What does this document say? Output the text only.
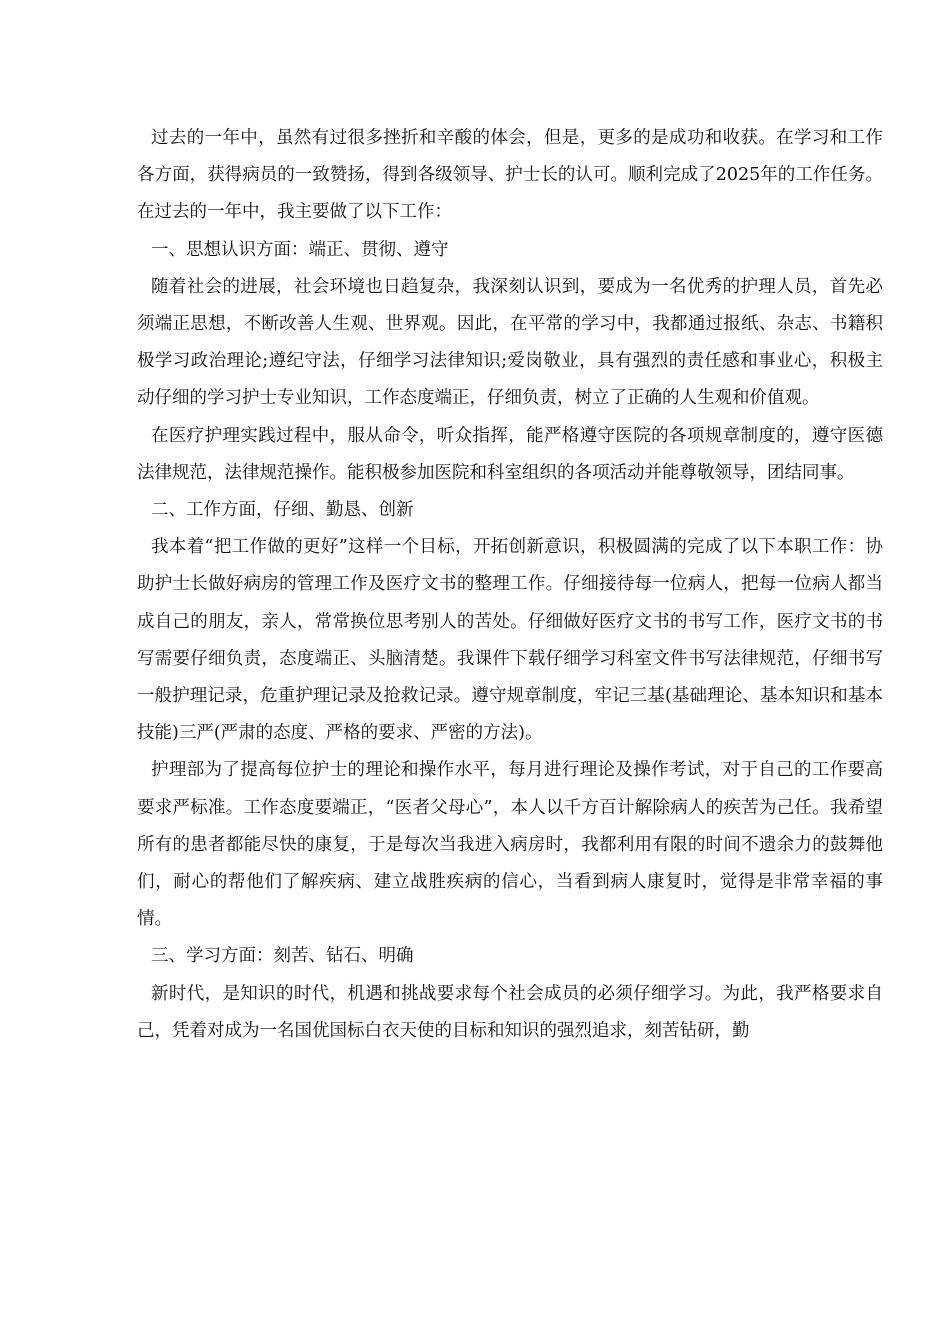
过去的一年中，虽然有过很多挫折和辛酸的体会，但是，更多的是成功和收获。在学习和工作各方面，获得病员的一致赞扬，得到各级领导、护士长的认可。顺利完成了2025年的工作任务。在过去的一年中，我主要做了以下工作：

一、思想认识方面：端正、贯彻、遵守

随着社会的进展，社会环境也日趋复杂，我深刻认识到，要成为一名优秀的护理人员，首先必须端正思想，不断改善人生观、世界观。因此，在平常的学习中，我都通过报纸、杂志、书籍积极学习政治理论;遵纪守法，仔细学习法律知识;爱岗敬业，具有强烈的责任感和事业心，积极主动仔细的学习护士专业知识，工作态度端正，仔细负责，树立了正确的人生观和价值观。

在医疗护理实践过程中，服从命令，听众指挥，能严格遵守医院的各项规章制度的，遵守医德法律规范，法律规范操作。能积极参加医院和科室组织的各项活动并能尊敬领导，团结同事。

二、工作方面，仔细、勤恳、创新

我本着“把工作做的更好”这样一个目标，开拓创新意识，积极圆满的完成了以下本职工作：协助护士长做好病房的管理工作及医疗文书的整理工作。仔细接待每一位病人，把每一位病人都当成自己的朋友，亲人，常常换位思考别人的苦处。仔细做好医疗文书的书写工作，医疗文书的书写需要仔细负责，态度端正、头脑清楚。我课件下载仔细学习科室文件书写法律规范，仔细书写一般护理记录，危重护理记录及抢救记录。遵守规章制度，牢记三基(基础理论、基本知识和基本技能)三严(严肃的态度、严格的要求、严密的方法)。

护理部为了提高每位护士的理论和操作水平，每月进行理论及操作考试，对于自己的工作要高要求严标准。工作态度要端正，“医者父母心”，本人以千方百计解除病人的疾苦为己任。我希望所有的患者都能尽快的康复，于是每次当我进入病房时，我都利用有限的时间不遗余力的鼓舞他们，耐心的帮他们了解疾病、建立战胜疾病的信心，当看到病人康复时，觉得是非常幸福的事情。

三、学习方面：刻苦、钻石、明确

新时代，是知识的时代，机遇和挑战要求每个社会成员的必须仔细学习。为此，我严格要求自己，凭着对成为一名国优国标白衣天使的目标和知识的强烈追求，刻苦钻研，勤
